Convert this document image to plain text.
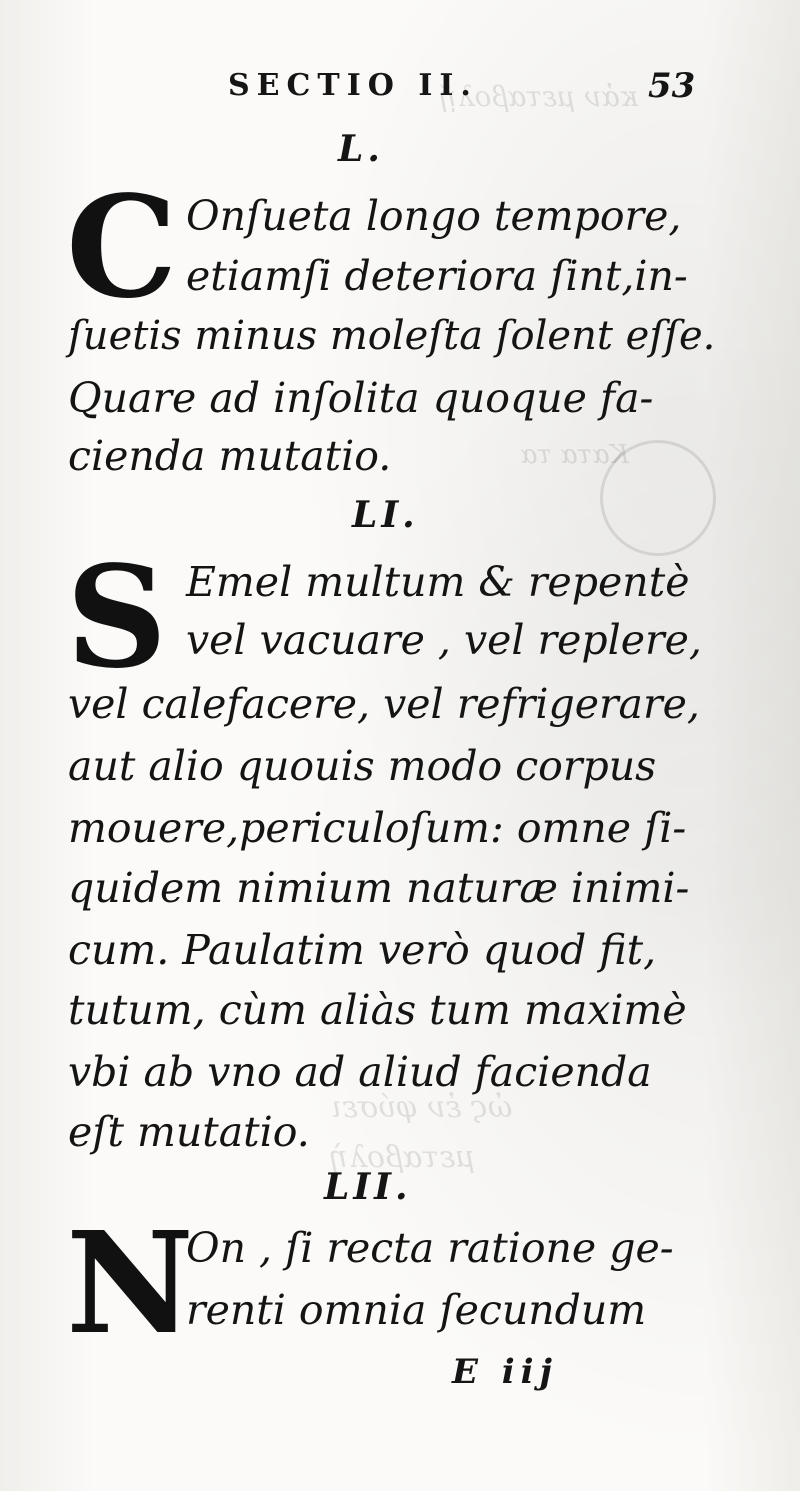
κἀν μεταβολῇ
Κατα τα
ὡς ἐν φύσει
μεταβολὴ
SECTIO II.	53
L.
C Onſueta longo tempore,
etiamſi deteriora ſint,in-
ſuetis minus moleſta ſolent eſſe.
Quare ad inſolita quoque fa-
cienda mutatio.
LI.
S Emel multum & repentè
vel vacuare , vel replere,
vel calefacere, vel refrigerare,
aut alio quouis modo corpus
mouere,periculoſum: omne ſi-
quidem nimium naturæ inimi-
cum. Paulatim verò quod fit,
tutum, cùm aliàs tum maximè
vbi ab vno ad aliud facienda
eſt mutatio.
LII.
N
On , ſi recta ratione ge-
renti omnia ſecundum
E iij
